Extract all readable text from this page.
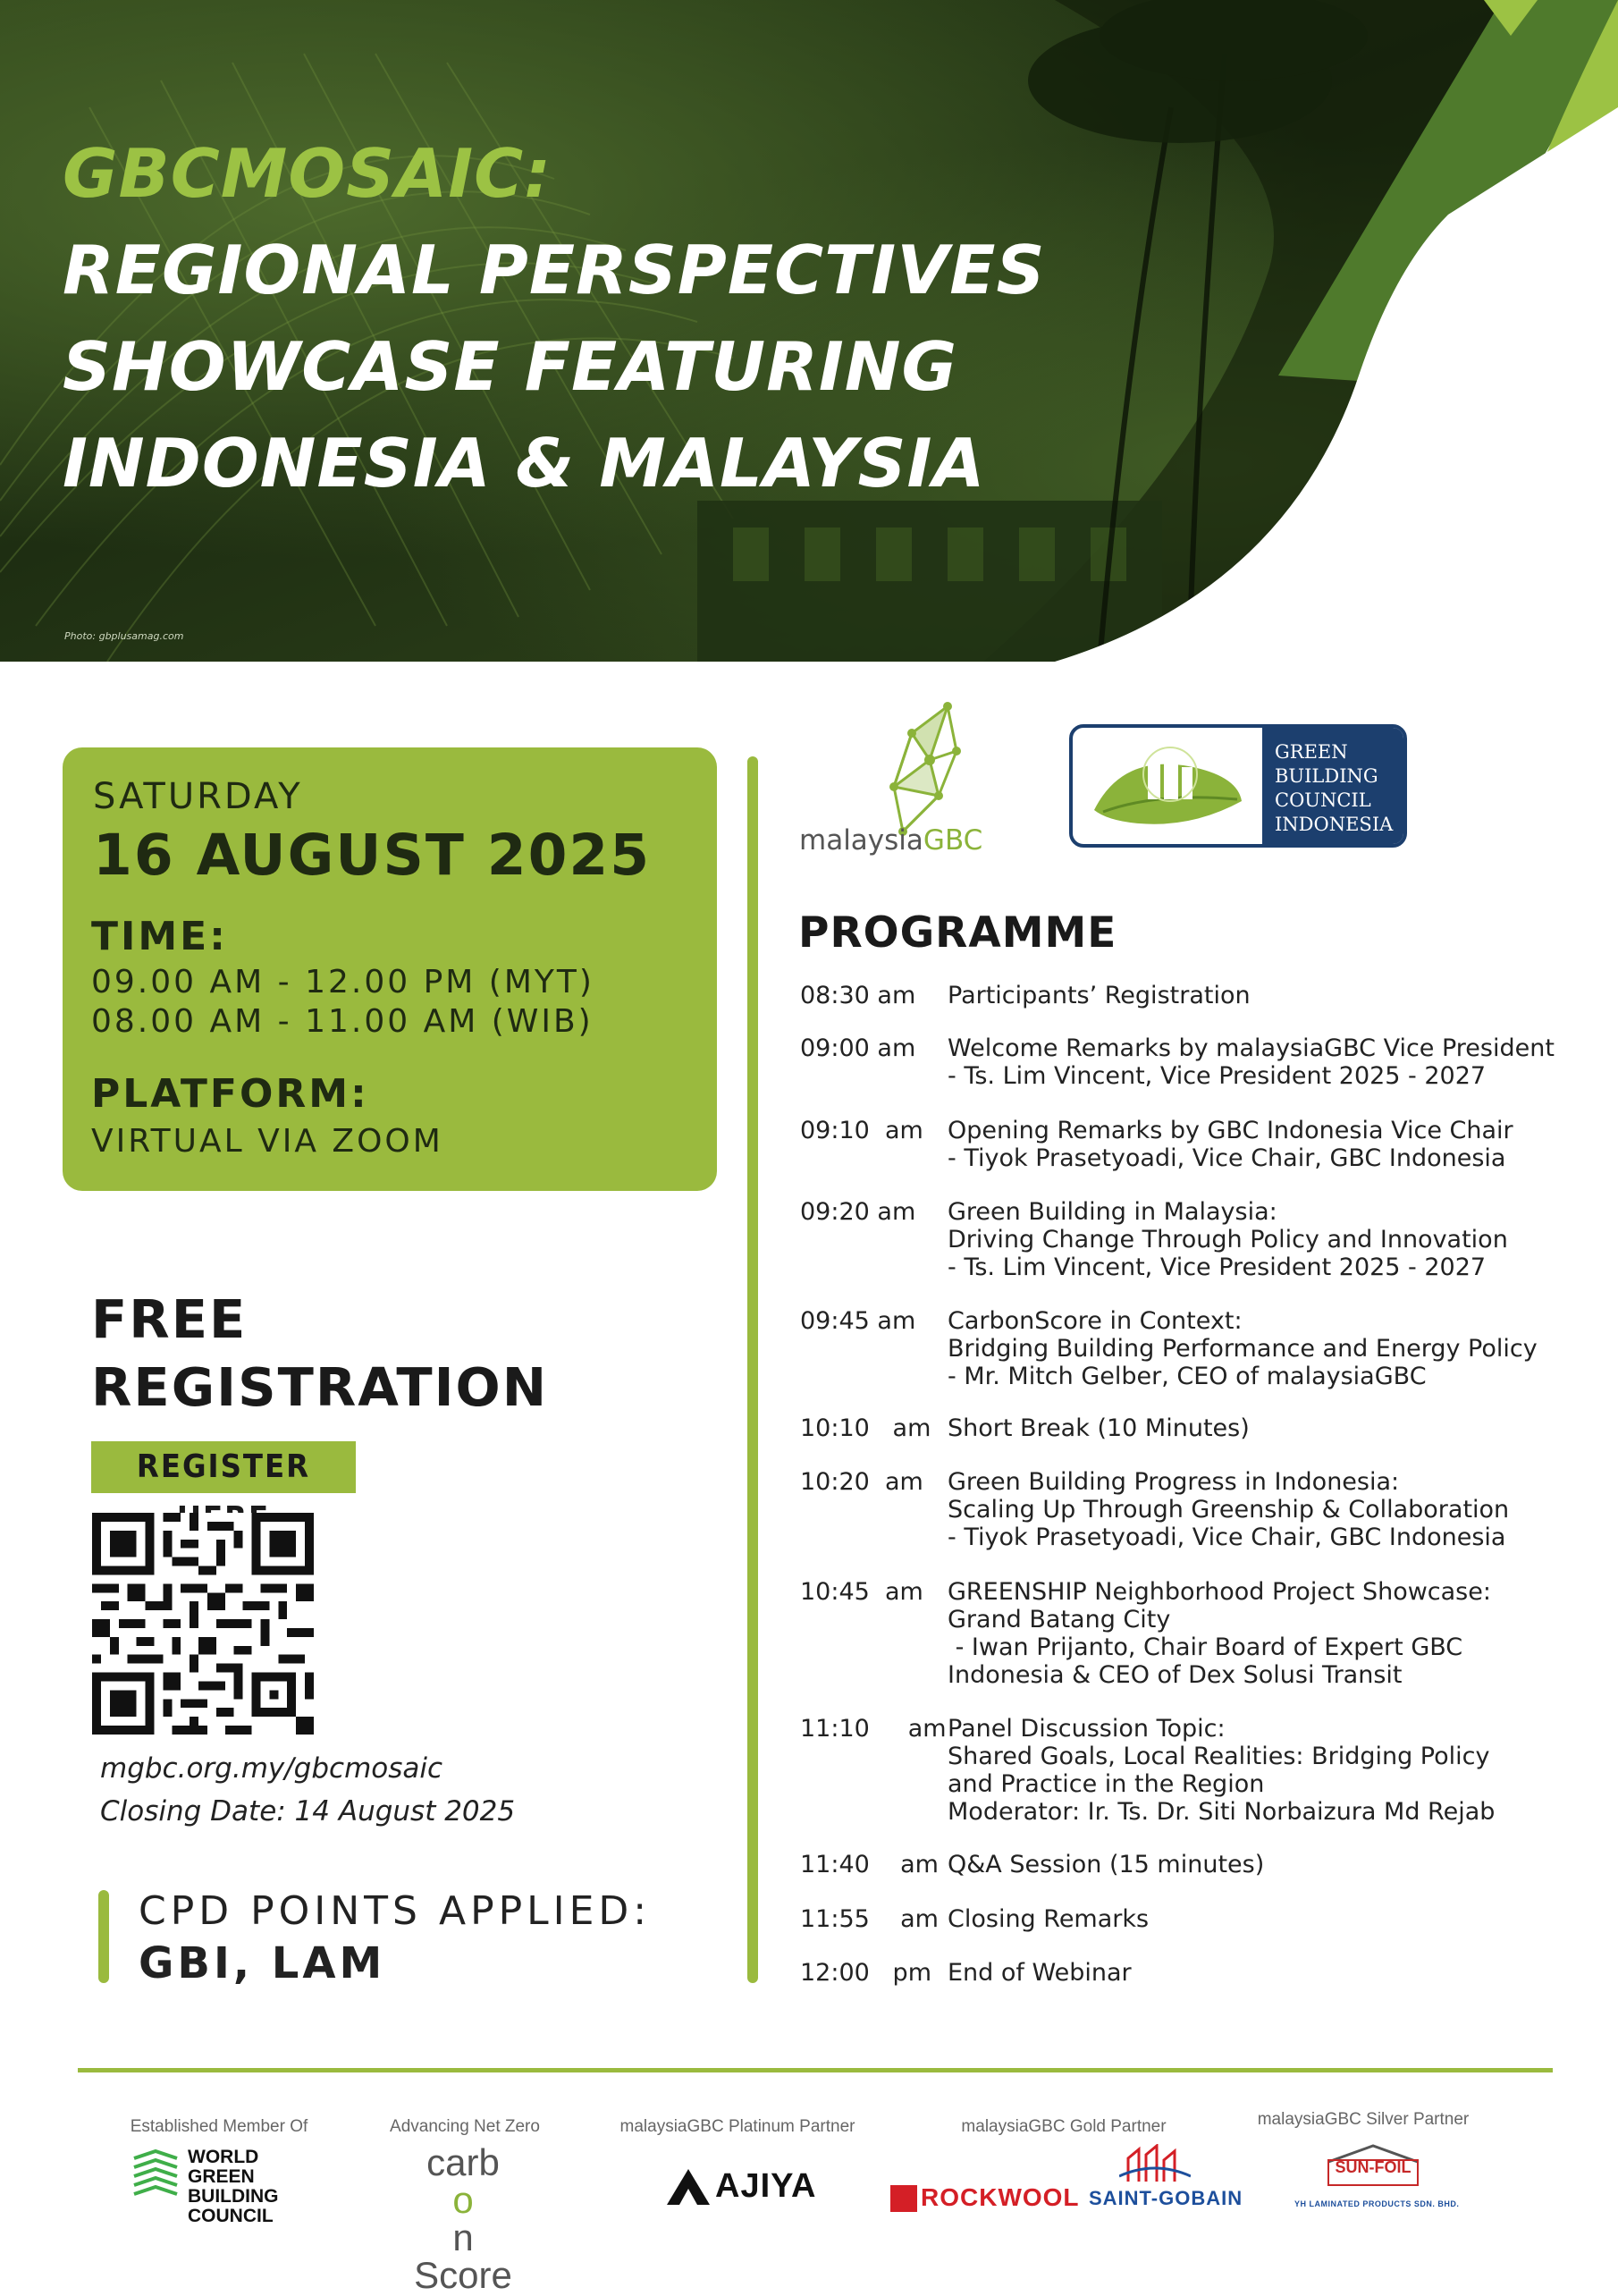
GBCMOSAIC:
REGIONAL PERSPECTIVES
SHOWCASE FEATURING
INDONESIA & MALAYSIA
Photo: gbplusamag.com
SATURDAY
16 AUGUST 2025
TIME:
09.00 AM - 12.00 PM (MYT)
08.00 AM - 11.00 AM (WIB)
PLATFORM:
VIRTUAL VIA ZOOM
FREE
REGISTRATION
REGISTER
mgbc.org.my/gbcmosaic
Closing Date: 14 August 2025
CPD POINTS APPLIED:
GBI, LAM
malaysiaGBC
GREEN
BUILDING
COUNCIL
INDONESIA
PROGRAMME
08:30 am	Participants’ Registration
09:00 am	Welcome Remarks by malaysiaGBC Vice President
- Ts. Lim Vincent, Vice President 2025 - 2027
09:10  am	Opening Remarks by GBC Indonesia Vice Chair
- Tiyok Prasetyoadi, Vice Chair, GBC Indonesia
09:20 am	Green Building in Malaysia:
Driving Change Through Policy and Innovation
- Ts. Lim Vincent, Vice President 2025 - 2027
09:45 am	CarbonScore in Context:
Bridging Building Performance and Energy Policy
- Mr. Mitch Gelber, CEO of malaysiaGBC
10:10   am Short Break (10 Minutes)
10:20  am	Green Building Progress in Indonesia:
Scaling Up Through Greenship & Collaboration
- Tiyok Prasetyoadi, Vice Chair, GBC Indonesia
10:45  am	GREENSHIP Neighborhood Project Showcase:
Grand Batang City
- Iwan Prijanto, Chair Board of Expert GBC
Indonesia & CEO of Dex Solusi Transit
11:10     am Panel Discussion Topic:
Shared Goals, Local Realities: Bridging Policy
and Practice in the Region
Moderator: Ir. Ts. Dr. Siti Norbaizura Md Rejab
11:40    am Q&A Session (15 minutes)
11:55    am Closing Remarks
12:00   pm End of Webinar
Established Member Of	Advancing Net Zero	malaysiaGBC Platinum Partner	malaysiaGBC Gold Partner	malaysiaGBC Silver Partner
WORLD
GREEN
BUILDING
COUNCIL
carb
o
n
Score
AJIYA	ROCKWOOL SAINT-GOBAIN
SUN-FOIL
YH LAMINATED PRODUCTS SDN. BHD.
